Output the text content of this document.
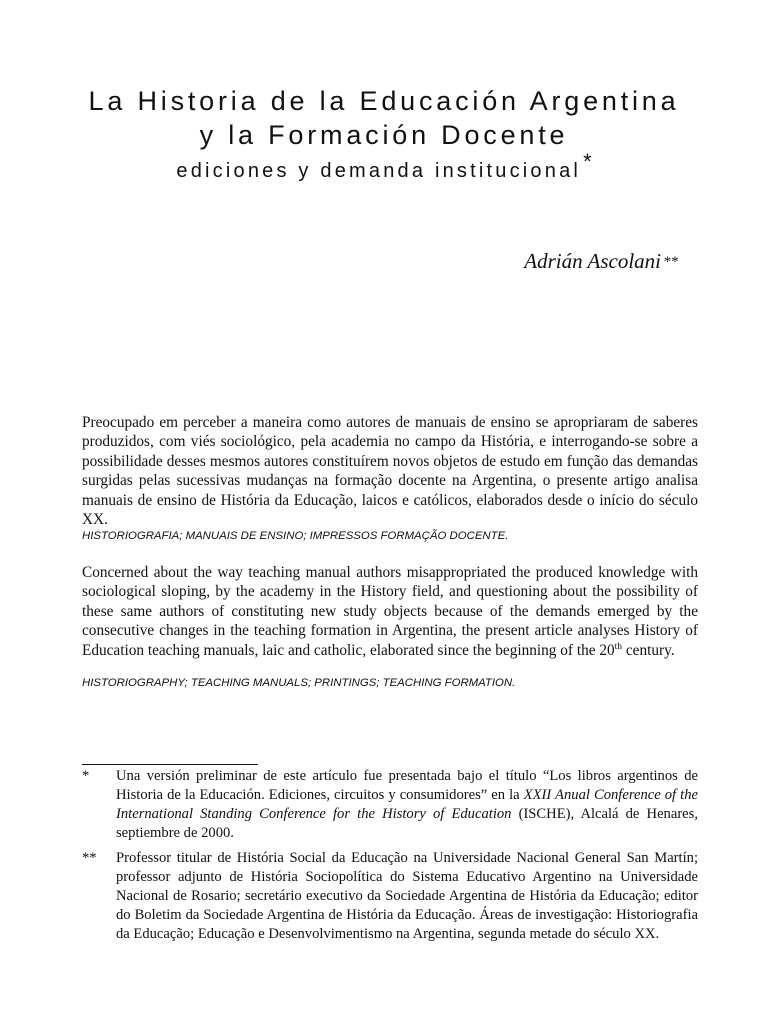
La Historia de la Educación Argentina
y la Formación Docente
ediciones y demanda institucional*
Adrián Ascolani **

Preocupado em perceber a maneira como autores de manuais de ensino se apropriaram de saberes produzidos, com viés sociológico, pela academia no campo da História, e interrogando-se sobre a possibilidade desses mesmos autores constituírem novos objetos de estudo em função das demandas surgidas pelas sucessivas mudanças na formação docente na Argentina, o presente artigo analisa manuais de ensino de História da Educação, laicos e católicos, elaborados desde o início do século XX.

HISTORIOGRAFIA; MANUAIS DE ENSINO; IMPRESSOS FORMAÇÃO DOCENTE.

Concerned about the way teaching manual authors misappropriated the produced knowledge with sociological sloping, by the academy in the History field, and questioning about the possibility of these same authors of constituting new study objects because of the demands emerged by the consecutive changes in the teaching formation in Argentina, the present article analyses History of Education teaching manuals, laic and catholic, elaborated since the beginning of the 20th century.

HISTORIOGRAPHY; TEACHING MANUALS; PRINTINGS; TEACHING FORMATION.
* Una versión preliminar de este artículo fue presentada bajo el título “Los libros argentinos de Historia de la Educación. Ediciones, circuitos y consumidores” en la XXII Anual Conference of the International Standing Conference for the History of Education (ISCHE), Alcalá de Henares, septiembre de 2000.
** Professor titular de História Social da Educação na Universidade Nacional General San Martín; professor adjunto de História Sociopolítica do Sistema Educativo Argentino na Universidade Nacional de Rosario; secretário executivo da Sociedade Argentina de História da Educação; editor do Boletim da Sociedade Argentina de História da Educação. Áreas de investigação: Historiografia da Educação; Educação e Desenvolvimentismo na Argentina, segunda metade do século XX.
